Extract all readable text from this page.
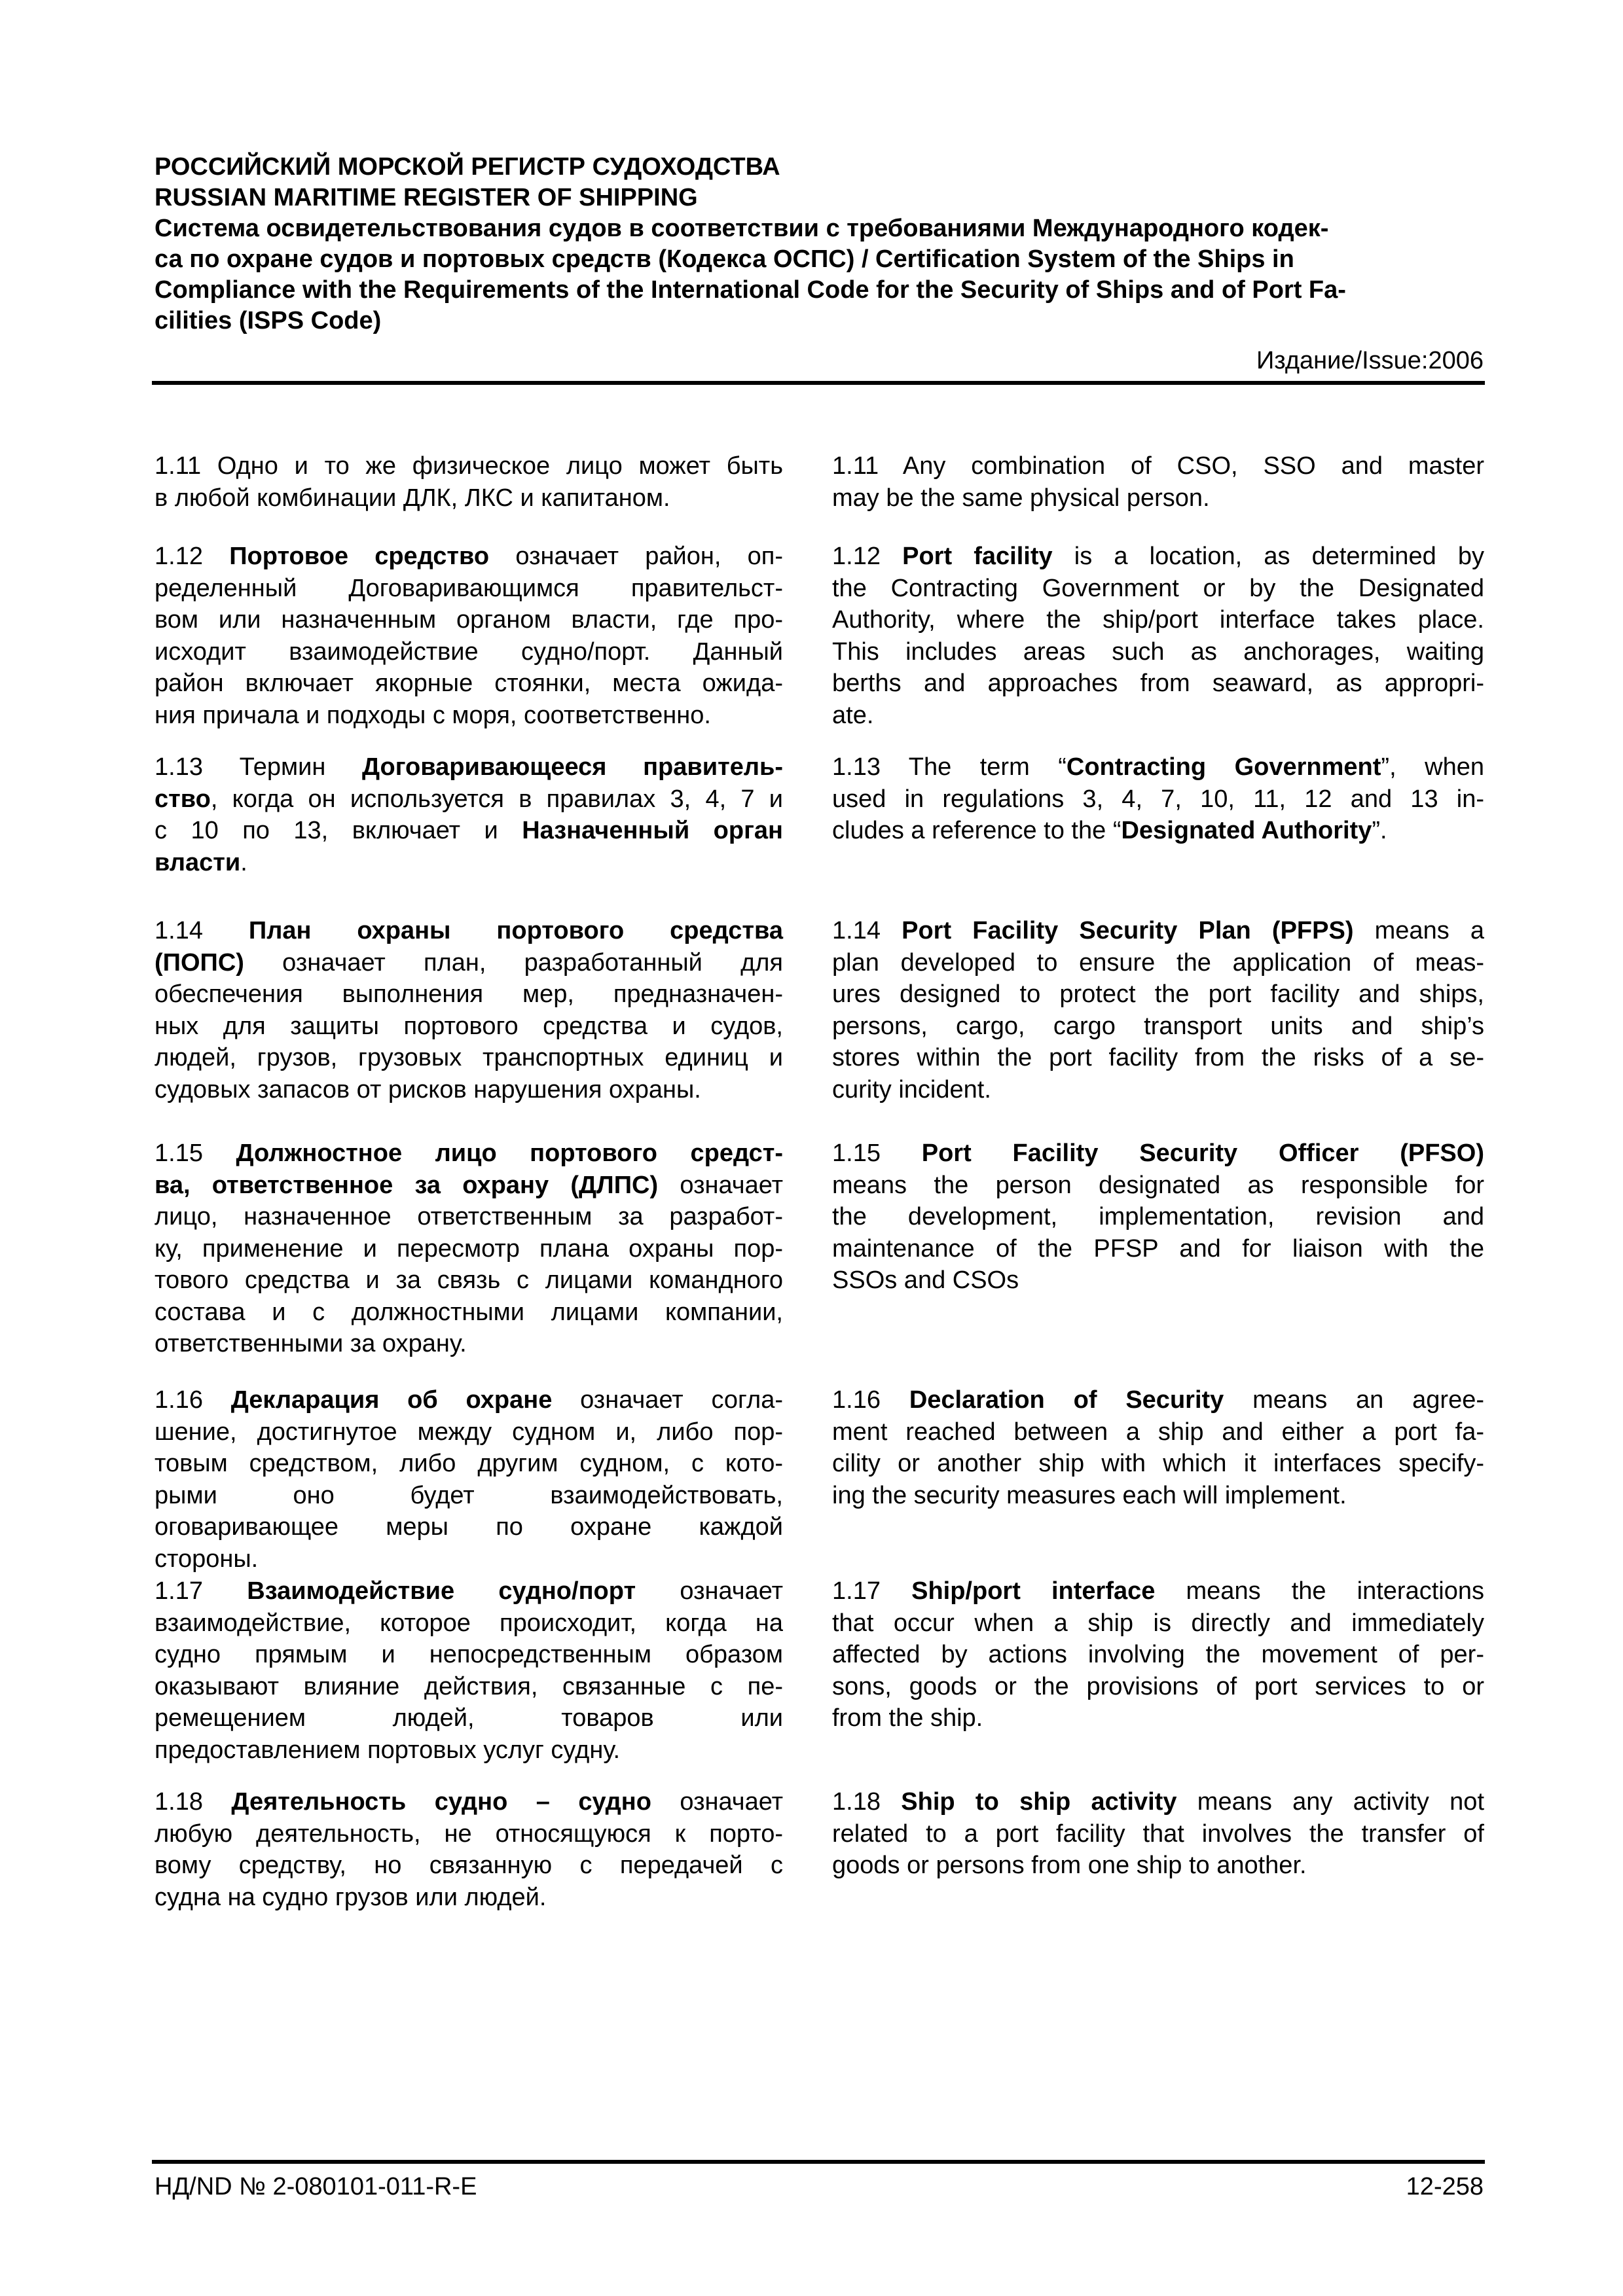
РОССИЙСКИЙ МОРСКОЙ РЕГИСТР СУДОХОДСТВА
RUSSIAN MARITIME REGISTER OF SHIPPING
Система освидетельствования судов в соответствии с требованиями Международного кодек-
са по охране судов и портовых средств (Кодекса ОСПС) / Certification System of the Ships in
Compliance with the Requirements of the International Code for the Security of Ships and of Port Fa-
cilities (ISPS Code)
Издание/Issue:2006
1.11 Одно и то же физическое лицо может быть
в любой комбинации ДЛК, ЛКС и капитаном.
1.11 Any combination of CSO, SSO and master
may be the same physical person.
1.12 Портовое средство означает район, оп-
ределенный Договаривающимся правительст-
вом или назначенным органом власти, где про-
исходит взаимодействие судно/порт. Данный
район включает якорные стоянки, места ожида-
ния причала и подходы с моря, соответственно.
1.12 Port facility is a location, as determined by
the Contracting Government or by the Designated
Authority, where the ship/port interface takes place.
This includes areas such as anchorages, waiting
berths and approaches from seaward, as appropri-
ate.
1.13 Термин Договаривающееся правитель-
ство, когда он используется в правилах 3, 4, 7 и
с 10 по 13, включает и Назначенный орган
власти.
1.13 The term “Contracting Government”, when
used in regulations 3, 4, 7, 10, 11, 12 and 13 in-
cludes a reference to the “Designated Authority”.
1.14 План охраны портового средства
(ПОПС) означает план, разработанный для
обеспечения выполнения мер, предназначен-
ных для защиты портового средства и судов,
людей, грузов, грузовых транспортных единиц и
судовых запасов от рисков нарушения охраны.
1.14 Port Facility Security Plan (PFPS) means a
plan developed to ensure the application of meas-
ures designed to protect the port facility and ships,
persons, cargo, cargo transport units and ship’s
stores within the port facility from the risks of a se-
curity incident.
1.15 Должностное лицо портового средст-
ва, ответственное за охрану (ДЛПС) означает
лицо, назначенное ответственным за разработ-
ку, применение и пересмотр плана охраны пор-
тового средства и за связь с лицами командного
состава и с должностными лицами компании,
ответственными за охрану.
1.15 Port Facility Security Officer (PFSO)
means the person designated as responsible for
the development, implementation, revision and
maintenance of the PFSP and for liaison with the
SSOs and CSOs
1.16 Декларация об охране означает согла-
шение, достигнутое между судном и, либо пор-
товым средством, либо другим судном, с кото-
рыми оно будет взаимодействовать,
оговаривающее меры по охране каждой
стороны.
1.16 Declaration of Security means an agree-
ment reached between a ship and either a port fa-
cility or another ship with which it interfaces specify-
ing the security measures each will implement.
1.17 Взаимодействие судно/порт означает
взаимодействие, которое происходит, когда на
судно прямым и непосредственным образом
оказывают влияние действия, связанные с пе-
ремещением людей, товаров или
предоставлением портовых услуг судну.
1.17 Ship/port interface means the interactions
that occur when a ship is directly and immediately
affected by actions involving the movement of per-
sons, goods or the provisions of port services to or
from the ship.
1.18 Деятельность судно – судно означает
любую деятельность, не относящуюся к порто-
вому средству, но связанную с передачей с
судна на судно грузов или людей.
1.18 Ship to ship activity means any activity not
related to a port facility that involves the transfer of
goods or persons from one ship to another.
НД/ND № 2-080101-011-R-E	12-258
